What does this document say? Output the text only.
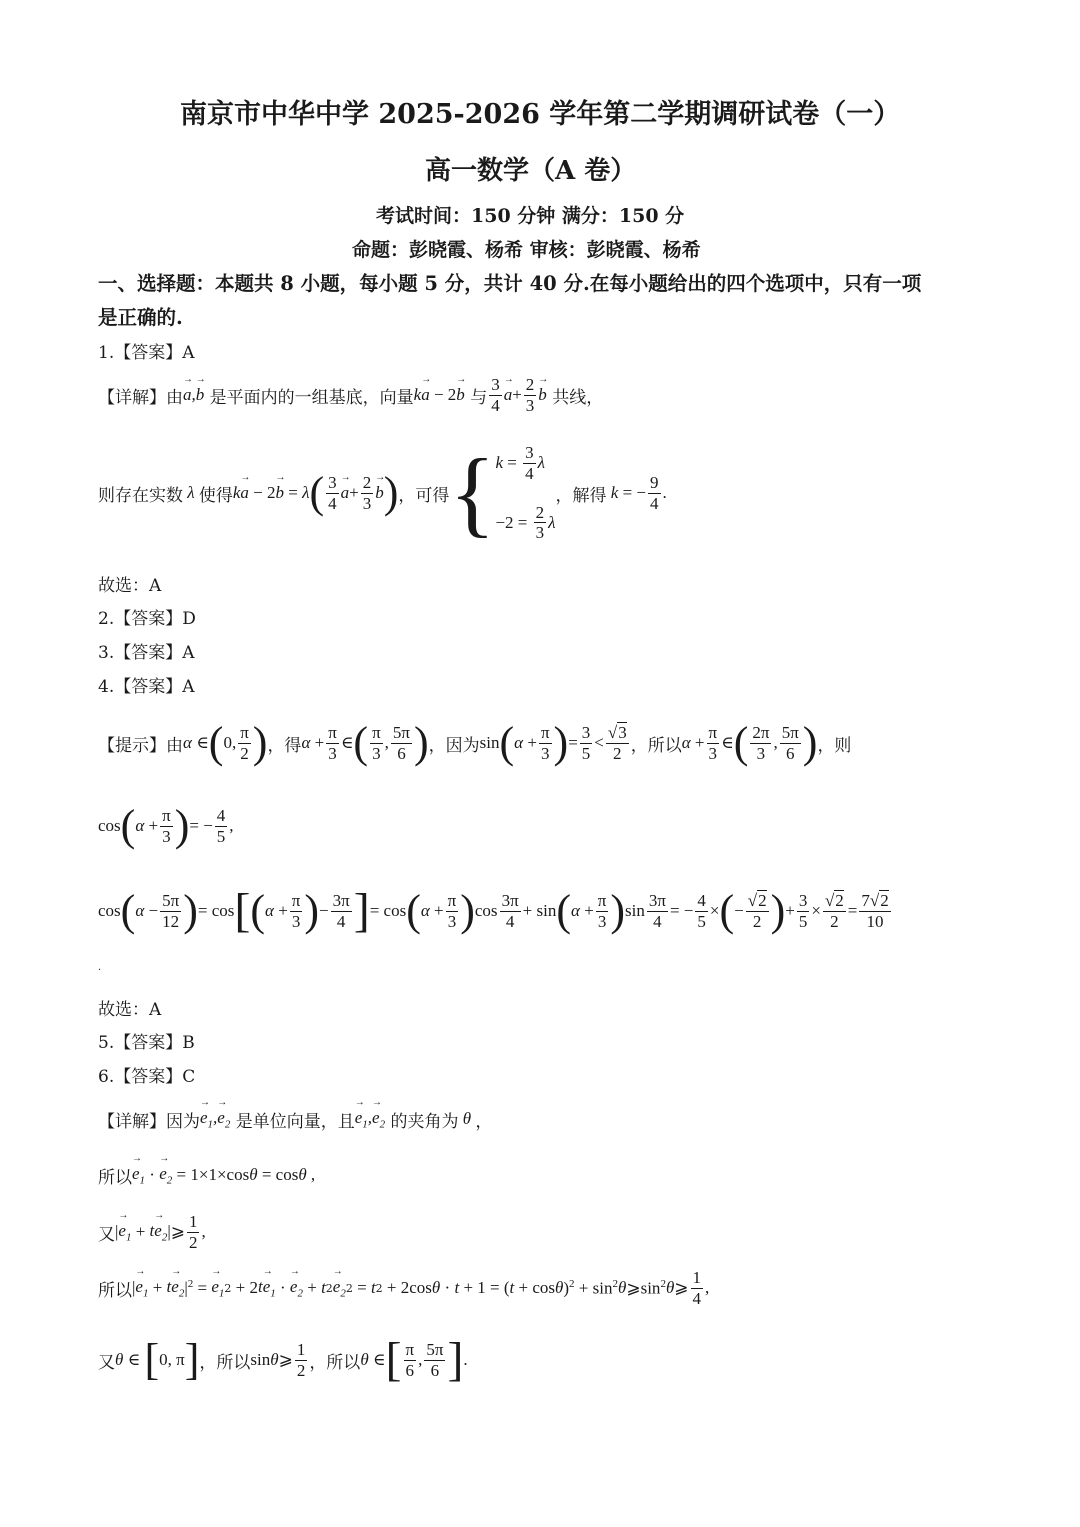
南京市中华中学 2025-2026 学年第二学期调研试卷（一）
高一数学（A 卷）
考试时间：150 分钟 满分：150 分
命题：彭晓霞、杨希 审核：彭晓霞、杨希
一、选择题：本题共 8 小题，每小题 5 分，共计 40 分.在每小题给出的四个选项中，只有一项
是正确的.
1.【答案】A
【详解】由
→ a,→ b
是平面内的一组基底，向量 k→ a − 2
→ b
与 $\frac{3}{4}$
→ $a + \frac{2}{3}$
→ b
共线，
则存在实数 λ 使得 k→ a − 2
→ b = λ ( $\frac{3}{4}$
→ $a + \frac{2}{3}$
→ b ) ，可得 { $k = \frac{3}{4}$ λ
$-2 = \frac{2}{3}$ λ
，解得 k = − $\frac{9}{4}$ .
故选：A
2.【答案】D
3.【答案】A
4.【答案】A
【提示】由 α ∈ ( 0, $\frac{\pi}{2}$ ) ，得 $\alpha + \frac{\pi}{3}$ ∈ ( $\frac{\pi}{3}$ , $\frac{5\pi}{6}$ ) ，因为 sin ( $\alpha + \frac{\pi}{3}$ ) = $\frac{3}{5} < \frac{√3}{2}$ ，所以 $\alpha + \frac{\pi}{3}$ ∈ ( $\frac{2\pi}{3}$ , $\frac{5\pi}{6}$ ) ，则
cos ( $\alpha + \frac{\pi}{3}$ ) = − $\frac{4}{5}$ ,
cos ( $\alpha - \frac{5\pi}{12}$ ) = cos [ ( $\alpha + \frac{\pi}{3}$ ) − $\frac{3\pi}{4}$ ] = cos ( $\alpha + \frac{\pi}{3}$ ) $\cos \frac{3\pi}{4} + \sin$ ( $\alpha + \frac{\pi}{3}$ ) $\sin \frac{3\pi}{4}$ = − $\frac{4}{5}$ × ( − $\frac{√2}{2}$ ) + $\frac{3}{5} \times \frac{√2}{2} = \frac{7√2}{10}$
.
故选：A
5.【答案】B
6.【答案】C
【详解】因为
→ $e_1,\to e_2$
是单位向量，且
→ $e_1,\to e_2$
的夹角为 θ ，
所以
→ $e_1$ ·
→ $e_2 = 1\times 1\times\cos$ θ = cos θ ,
又 |
→ $e_1 + t\to e_2$ |⩾ $\frac{1}{2}$ ,
所以 |
→ $e_1 + t\to e_2$ $|^2$ =
→ $e_1$ 2 + 2 $t\to e_1$ ·
→ $e_2 + t$ 2
→ $e_2$ 2 = t 2 + 2cos θ · t + 1 = ( t + cos θ )$^2 + \sin^2 \theta$ $⩾\sin^2$ θ ⩾ $\frac{1}{4}$ ,
又 θ ∈ [ 0, π ] ，所以 sin θ ⩾ $\frac{1}{2}$ ，所以 θ ∈ [ $\frac{\pi}{6}$ , $\frac{5\pi}{6}$ ] .
